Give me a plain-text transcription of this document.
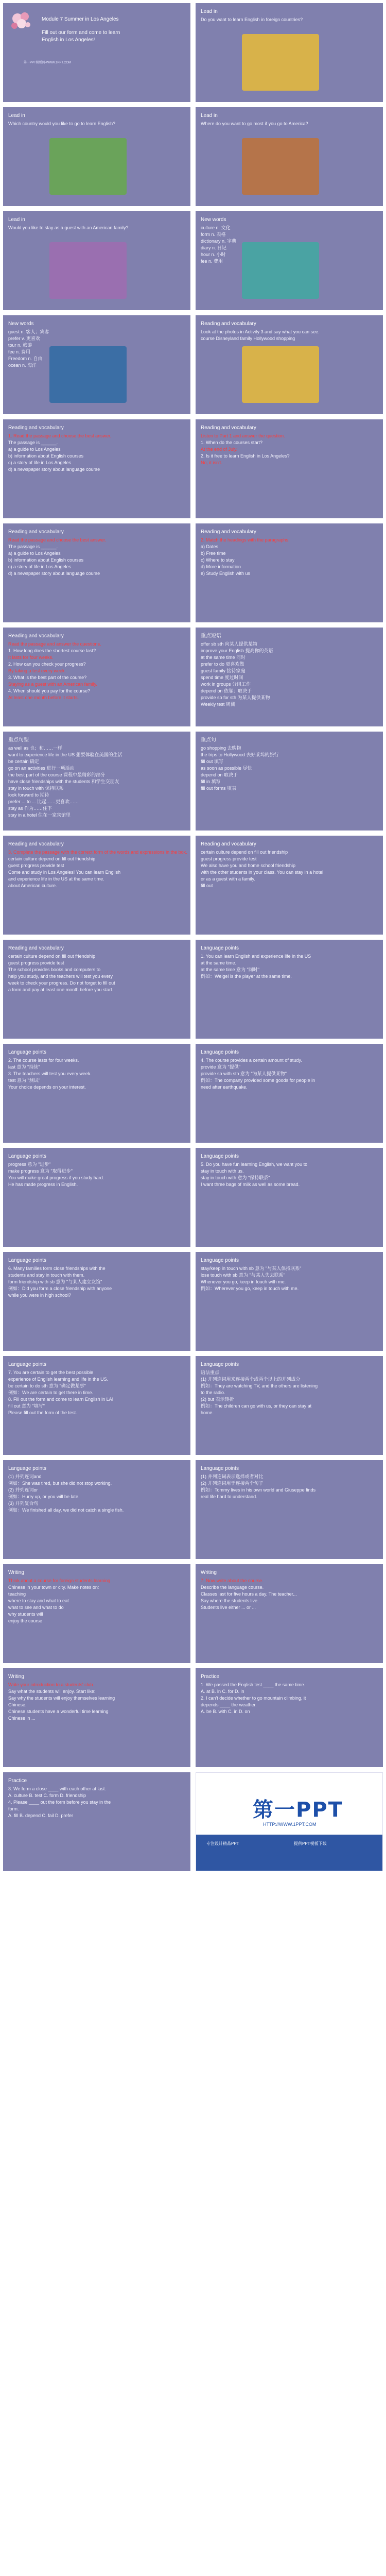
Module 7 Summer in Los Angeles
Fill out our form and come to learn
English in Los Angeles!
第一PPT模板网-WWW.1PPT.COM
Lead in
Do you want to learn English in foreign countries?
Lead in
Which country would you like to go to learn English?
Lead in
Where do you want to go most if you go to America?
Lead in
Would you like to stay as a guest with an American family?
New words
culture n. 文化
form n. 表格
dictionary n. 字典
diary n. 日记
hour n. 小时
fee n. 费用
New words
guest n. 客人；宾客
prefer v. 更喜欢
tour n. 旅游
fee n. 费用
Freedom n. 自由
ocean n. 海洋
Reading and vocabulary
Look at the photos in Activity 3 and say what you can see.
course Disneyland family Hollywood shopping
Reading and vocabulary
1. Read the passage and choose the best answer.
The passage is ______.
a) a guide to Los Angeles
b) information about English courses
c) a story of life in Los Angeles
d) a newspaper story about language course
Reading and vocabulary
Listen to Part 1 and answer the question.
1. When do the courses start?
At the end of July.
2. Is it free to learn English in Los Angeles?
No, it isn't.
Reading and vocabulary
Read the passage and choose the best answer.
The passage is ______.
a) a guide to Los Angeles
b) information about English courses
c) a story of life in Los Angeles
d) a newspaper story about language course
Reading and vocabulary
2. Match the headings with the paragraphs.
a) Dates
b) Free time
c) Where to stay
d) More information
e) Study English with us
Reading and vocabulary
Read the passage and answer the questions.
1. How long does the shortest course last?
It lasts for four weeks.
2. How can you check your progress?
By taking a test every week.
3. What is the best part of the course?
Staying as a guest with an American family.
4. When should you pay for the course?
At least one month before it starts.
重点短语
offer sb sth 向某人提供某物
improve your English 提高你的英语
at the same time 同时
prefer to do 更喜欢做
guest family 接待家庭
spend time 度过时间
work in groups 分组工作
depend on 依靠；取决于
provide sb for sth 为某人提供某物
Weekly test 周测
重点句型
as well as 也；和……一样
want to experience life in the US 想要体验在美国的生活
be certain 确定
go on an activities 进行一项活动
the best part of the course 课程中最精彩的部分
have close friendships with the students 和学生交朋友
stay in touch with 保持联系
look forward to 期待
prefer ... to ... 比起……更喜欢……
stay as 作为……住下
stay in a hotel 住在一家宾馆里
重点句
go shopping 去购物
the trips to Hollywood 去好莱坞的旅行
fill out 填写
as soon as possible 尽快
depend on 取决于
fill in 填写
fill out forms 填表
Reading and vocabulary
3. Complete the passage with the correct form of the words and expressions in the box.
certain culture depend on fill out friendship
guest progress provide test
Come and study in Los Angeles! You can learn English
and experience life in the US at the same time.
about American culture.
Reading and vocabulary
certain culture depend on fill out friendship
guest progress provide test
We also have you and home school friendship
with the other students in your class. You can stay in a hotel
or as a guest with a family.
fill out
Reading and vocabulary
certain culture depend on fill out friendship
guest progress provide test
The school provides books and computers to
help you study, and the teachers will test you every
week to check your progress. Do not forget to fill out
a form and pay at least one month before you start.
Language points
1. You can learn English and experience life in the US
at the same time.
at the same time 意为 "同时"
例如：Weigel is the player at the same time.
Language points
2. The course lasts for four weeks.
last 意为 "持续"
3. The teachers will test you every week.
test 意为 "测试"
Your choice depends on your interest.
Language points
4. The course provides a certain amount of study.
provide 意为 "提供"
provide sb with sth 意为 "为某人提供某物"
例如：The company provided some goods for people in
need after earthquake.
Language points
progress 意为 "进步"
make progress 意为 "取得进步"
You will make great progress if you study hard.
He has made progress in English.
Language points
5. Do you have fun learning English, we want you to
stay in touch with us.
stay in touch with 意为 "保持联系"
I want three bags of milk as well as some bread.
Language points
6. Many families form close friendships with the
students and stay in touch with them.
form friendship with sb 意为 "与某人建立友谊"
例如：Did you form a close friendship with anyone
while you were in high school?
Language points
stay/keep in touch with sb 意为 "与某人保持联系"
lose touch with sb 意为 "与某人失去联系"
Whenever you go, keep in touch with me.
例如：Wherever you go, keep in touch with me.
Language points
7. You are certain to get the best possible
experience of English learning and life in the US.
be certain to do sth 意为 "确定做某事"
例如：We are certain to get there in time.
8. Fill out the form and come to learn English in LA!
fill out 意为 "填写"
Please fill out the form of the test.
Language points
语法重点
(1) 并列连词用来连接两个或两个以上的并列成分
例如：They are watching TV, and the others are listening
to the radio.
(2) but 表示转折
例如：The children can go with us, or they can stay at
home.
Language points
(1) 并列连词and
例如：She was tired, but she did not stop working.
(2) 并列连词or
例如：Hurry up, or you will be late.
(3) 并列复合句
例如：We finished all day, we did not catch a single fish.
Language points
(1) 并列连词表示选择或者对比
(2) 并列连词用于连接两个句子
例如：Tommy lives in his own world and Giuseppe finds
real life hard to understand.
Writing
Think about a course for foreign students learning
Chinese in your town or city. Make notes on:
teaching
where to stay and what to eat
what to see and what to do
why students will
enjoy the course
Writing
7. Now write about the course.
Describe the language course.
Classes last for five hours a day. The teacher...
Say where the students live.
Students live either ... or ...
Writing
Write your introduction to a students' club.
Say what the students will enjoy. Start like:
Say why the students will enjoy themselves learning
Chinese.
Chinese students have a wonderful time learning
Chinese in ...
Practice
1. We passed the English test ____ the same time.
A. at B. in C. for D. in
2. I can't decide whether to go mountain climbing, it
depends ____ the weather.
A. be B. with C. in D. on
Practice
3. We form a close ____ with each other at last.
A. culture B. test C. form D. friendship
4. Please ____ out the form before you stay in the
form.
A. fill B. depend C. fail D. prefer	第一PPT
HTTP://WWW.1PPT.COM
专注设计精品PPT	提供PPT模板下载
